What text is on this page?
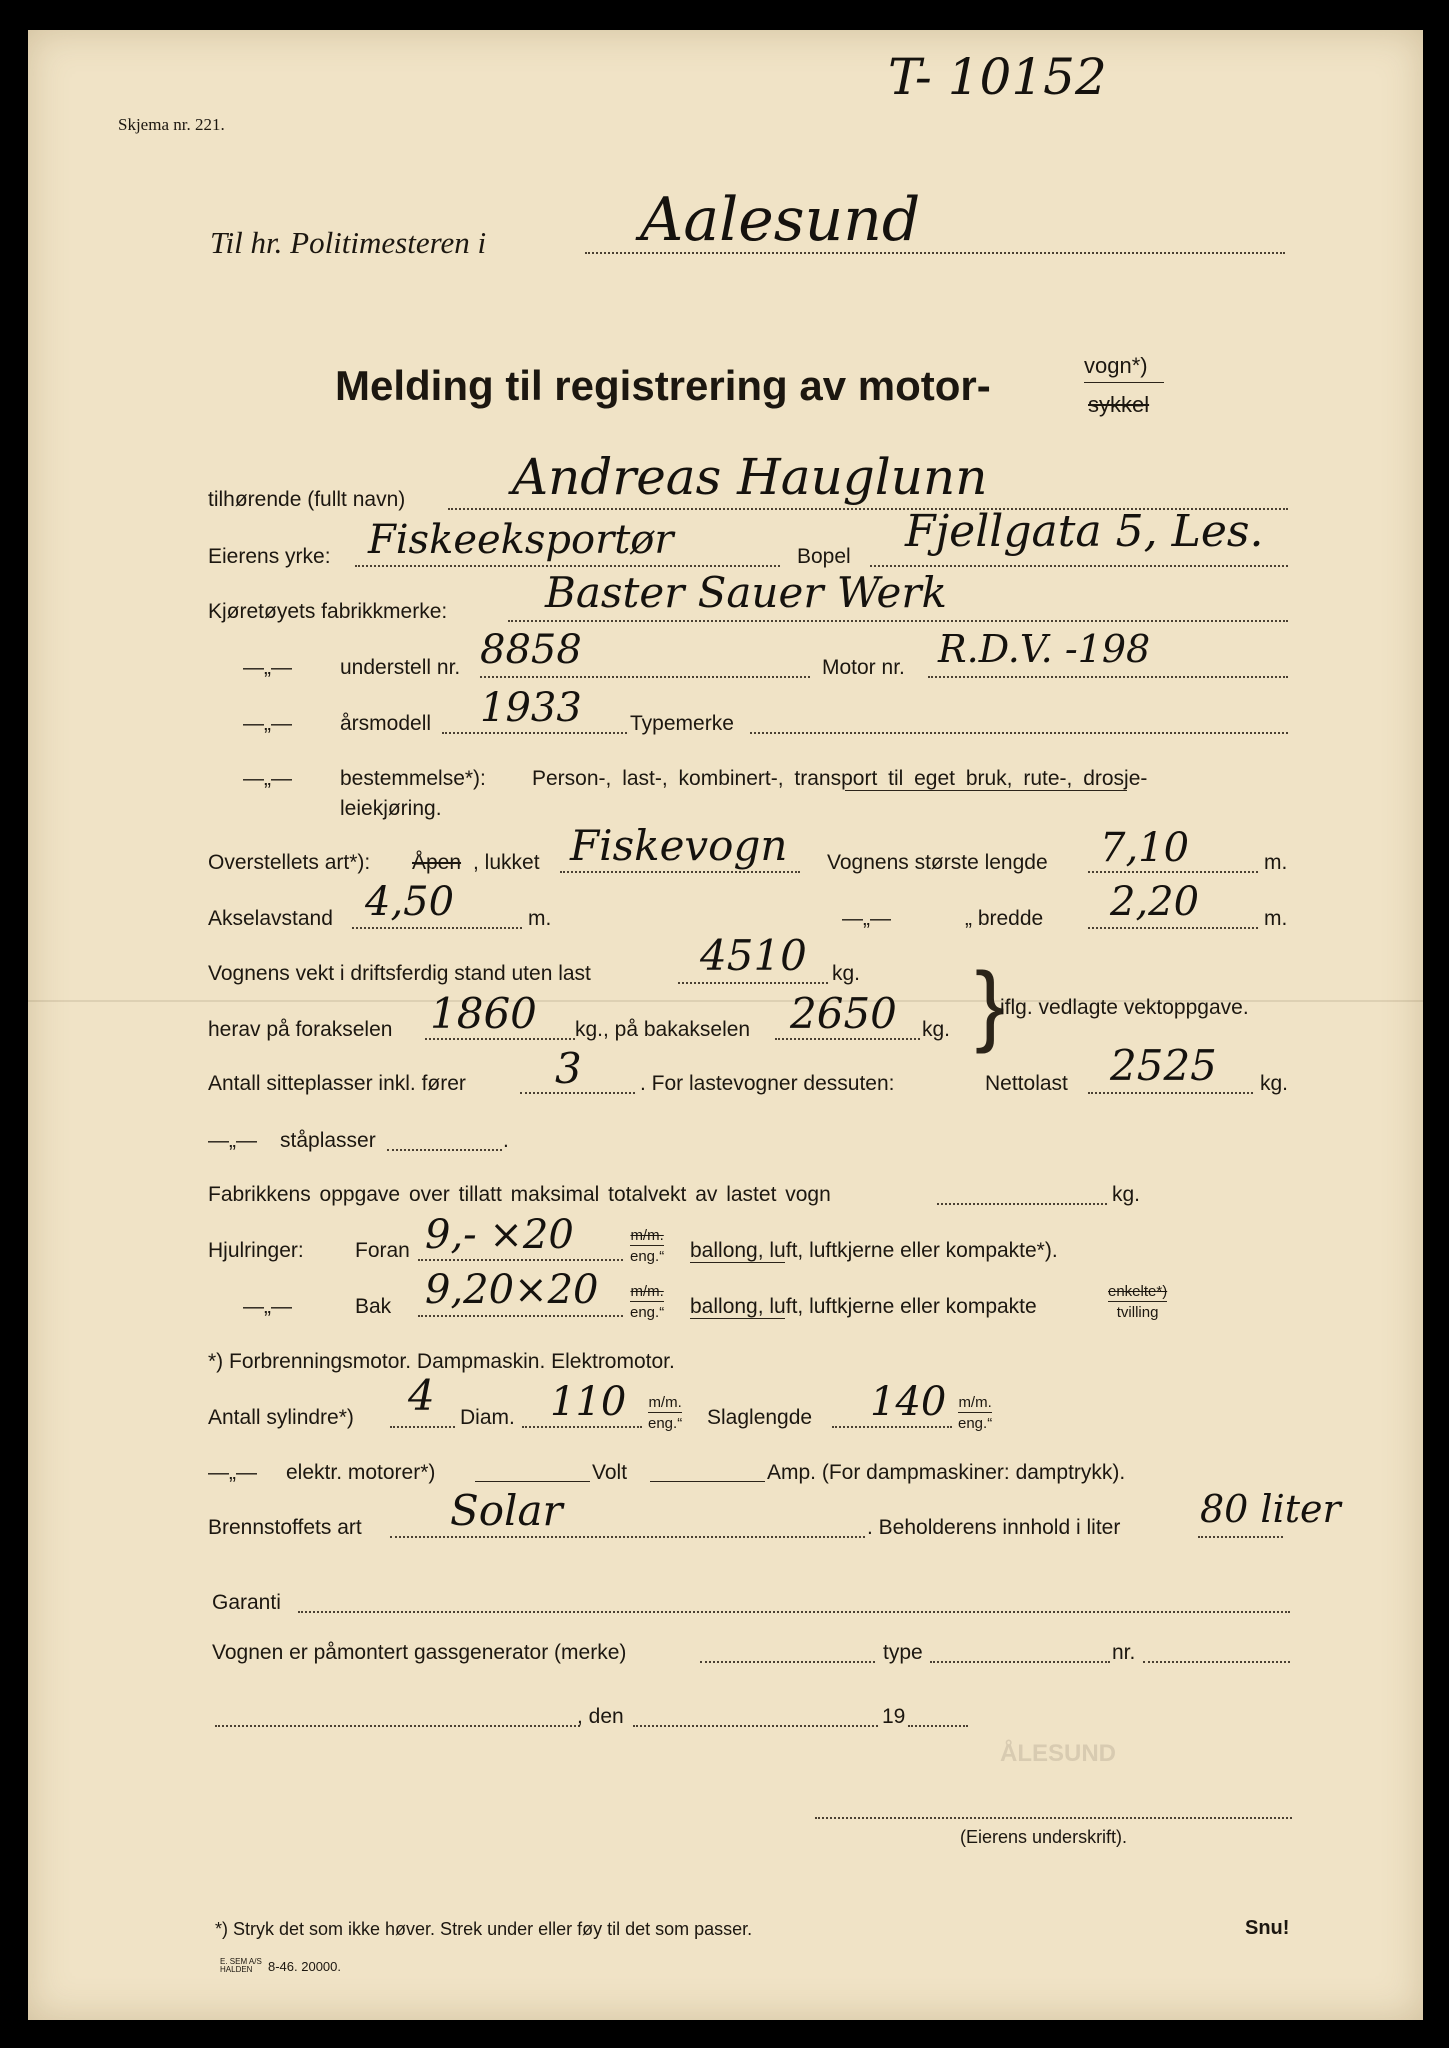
ÅLESUND
Skjema nr. 221.
T- 10152
Til hr. Politimesteren i	Aalesund
Melding til registrering av motor-	vogn*)
sykkel
tilhørende (fullt navn) Andreas Hauglunn
Eierens yrke: Fiskeeksportør	Bopel Fjellgata 5, Les.
Kjøretøyets fabrikkmerke: Baster Sauer Werk
—„— understell nr. 8858	Motor nr. R.D.V. -198
—„— årsmodell 1933 Typemerke
—„— bestemmelse*): Person-, last-, kombinert-, transport til eget bruk, rute-, drosje-
leiekjøring.
Overstellets art*): Åpen , lukket Fiskevogn Vognens største lengde 7,10	m.
Akselavstand 4,50	m.	—„—	„ bredde 2,20	m.
Vognens vekt i driftsferdig stand uten last	4510 kg.
herav på forakselen 1860 kg., på bakakselen 2650 kg. }
iflg. vedlagte vektoppgave.
Antall sitteplasser inkl. fører 3	. For lastevogner dessuten:	Nettolast 2525 kg.
—„— ståplasser	.
Fabrikkens oppgave over tillatt maksimal totalvekt av lastet vogn	kg.
Hjulringer: Foran 9,- ×20	m/m.
eng.“ ballong, luft, luftkjerne eller kompakte*).
—„—	Bak 9,20×20 m/m.
eng.“ ballong, luft, luftkjerne eller kompakte
enkelte*)
tvilling
*) Forbrenningsmotor. Dampmaskin. Elektromotor.
Antall sylindre*) 4 Diam. 110 m/m.
eng.“ Slaglengde 140 m/m.
eng.“
—„— elektr. motorer*)	Volt	Amp. (For dampmaskiner: damptrykk).
Brennstoffets art Solar	. Beholderens innhold i liter 80 liter
Garanti
Vognen er påmontert gassgenerator (merke)	type	nr.
, den	19
(Eierens underskrift).
*) Stryk det som ikke høver. Strek under eller føy til det som passer.	Snu!
E. SEM A/S HALDEN	8-46. 20000.
